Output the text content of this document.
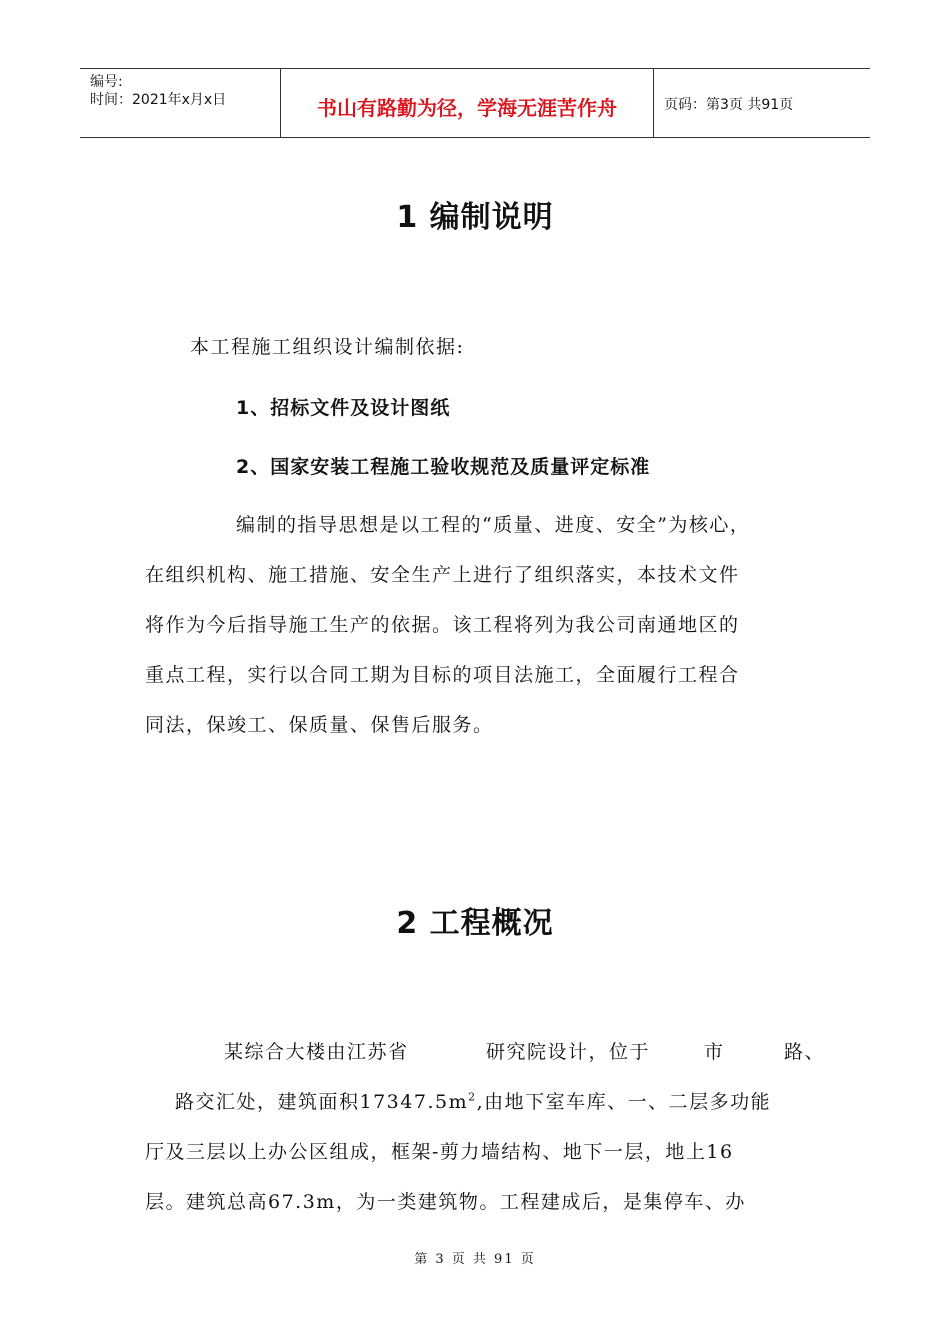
编号:
时间：2021年x月x日	书山有路勤为径，学海无涯苦作舟	页码：第3页 共91页
1 编制说明
本工程施工组织设计编制依据:
1、招标文件及设计图纸
2、国家安装工程施工验收规范及质量评定标准
编制的指导思想是以工程的“质量、进度、安全”为核心，
在组织机构、施工措施、安全生产上进行了组织落实，本技术文件
将作为今后指导施工生产的依据。该工程将列为我公司南通地区的
重点工程，实行以合同工期为目标的项目法施工，全面履行工程合
同法，保竣工、保质量、保售后服务。
2 工程概况
某综合大楼由江苏省	研究院设计，位于	市	路、
路交汇处，建筑面积$17347.5m^2$,由地下室车库、一、二层多功能
厅及三层以上办公区组成，框架-剪力墙结构、地下一层，地上16
层。建筑总高67.3m，为一类建筑物。工程建成后，是集停车、办
第 3 页 共 91 页
